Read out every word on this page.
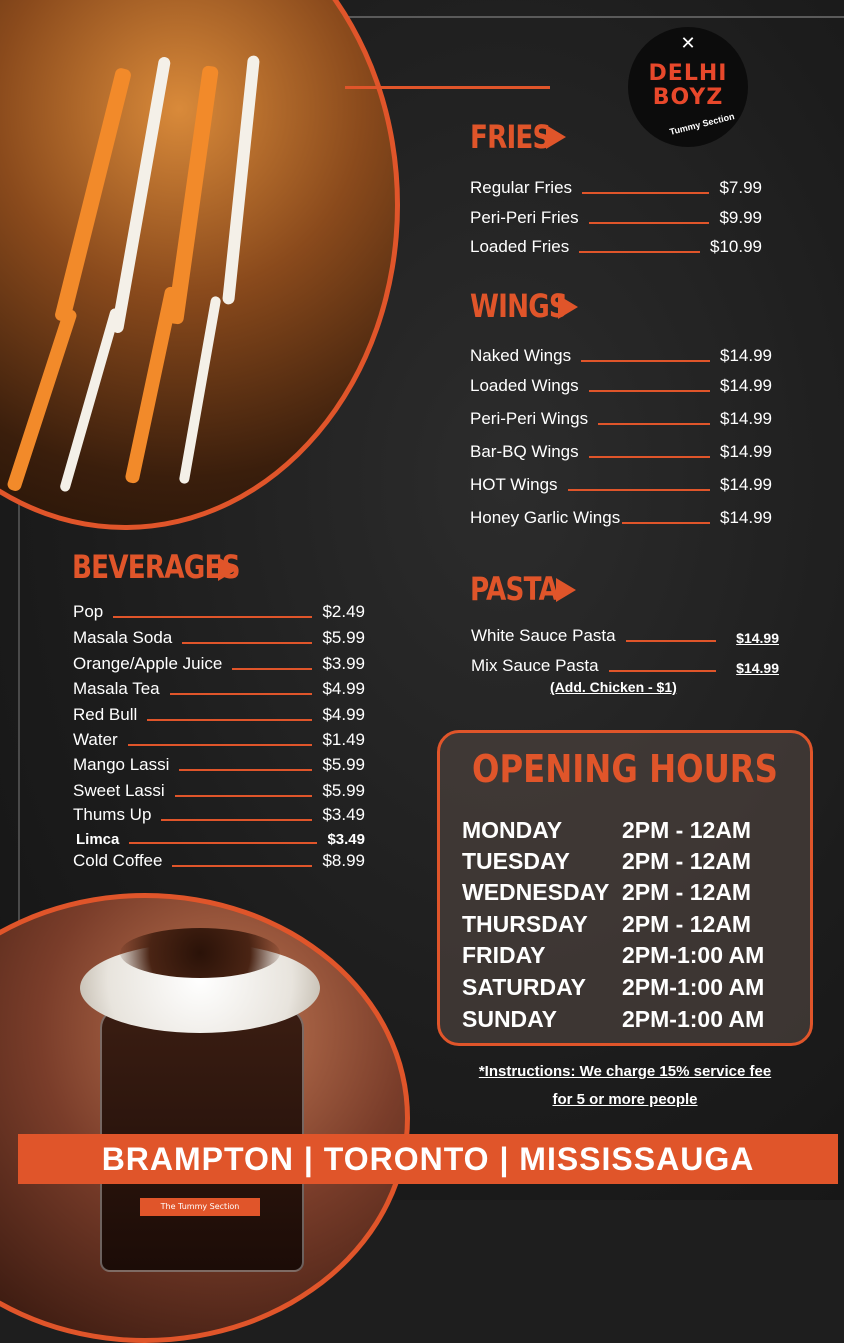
✕
DELHI
BOYZ
Tummy Section
FRIES
Regular Fries	$7.99
Peri-Peri Fries	$9.99
Loaded Fries	$10.99
WINGS
Naked Wings	$14.99
Loaded Wings	$14.99
Peri-Peri Wings	$14.99
Bar-BQ Wings	$14.99
HOT Wings	$14.99
Honey Garlic Wings	$14.99
BEVERAGES
Pop	$2.49
Masala Soda	$5.99
Orange/Apple Juice	$3.99
Masala Tea	$4.99
Red Bull	$4.99
Water	$1.49
Mango Lassi	$5.99
Sweet Lassi	$5.99
Thums Up	$3.49
Limca	$3.49
Cold Coffee	$8.99
PASTA
White Sauce Pasta	$14.99
Mix Sauce Pasta	$14.99
(Add. Chicken - $1)
OPENING HOURS
MONDAY	2PM - 12AM
TUESDAY 2PM - 12AM
WEDNESDAY 2PM - 12AM
THURSDAY 2PM - 12AM
FRIDAY	2PM-1:00 AM
SATURDAY 2PM-1:00 AM
SUNDAY	2PM-1:00 AM
*Instructions: We charge 15% service fee
for 5 or more people
The Tummy Section
BRAMPTON | TORONTO | MISSISSAUGA
